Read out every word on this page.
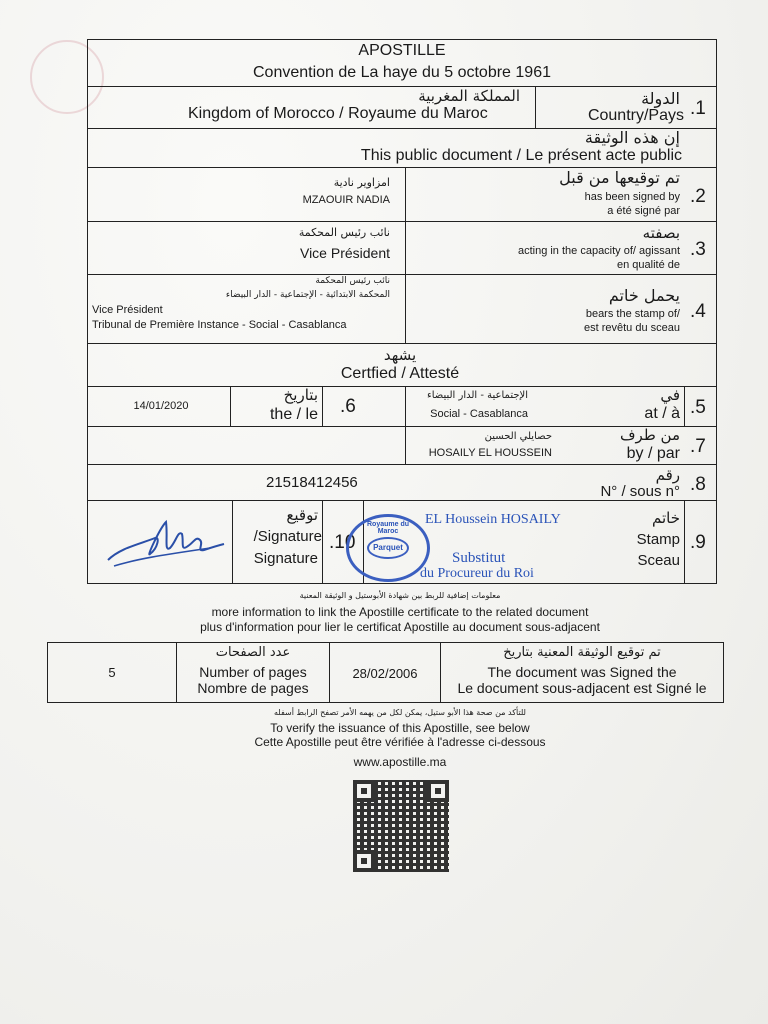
APOSTILLE
Convention de La haye du 5 octobre 1961
المملكة المغربية
Kingdom of Morocco / Royaume du Maroc
الدولة
Country/Pays .1
إن هذه الوثيقة
This public document / Le présent acte public
امزاوير نادية
MZAOUIR NADIA
تم توقيعها من قبل
has been signed by
a été signé par
.2
نائب رئيس المحكمة
Vice Président
بصفته
acting in the capacity of/ agissant
en qualité de
.3
نائب رئيس المحكمة
المحكمة الابتدائية - الإجتماعية - الدار البيضاء
Vice Président
Tribunal de Première Instance - Social - Casablanca
يحمل خاتم
bears the stamp of/
est revêtu du sceau
.4
يشهد
Certfied / Attesté
14/01/2020
بتاريخ
the / le .6
الإجتماعية - الدار البيضاء
Social - Casablanca
في
at / à .5
حصايلي الحسين
HOSAILY EL HOUSSEIN
من طرف
by / par .7
21518412456	رقم
N° / sous n° .8
توقيع
/Signature
Signature
.10
Royaume du Maroc
Parquet
EL Houssein HOSAILY
Substitut
du Procureur du Roi
خاتم
Stamp
Sceau
.9
معلومات إضافية للربط بين شهادة الأبوستيل و الوثيقة المعنية
more information to link the Apostille certificate to the related document
plus d'information pour lier le certificat Apostille au document sous-adjacent
5
عدد الصفحات
Number of pages
Nombre de pages
28/02/2006
تم توقيع الوثيقة المعنية بتاريخ
The document was Signed the
Le document sous-adjacent est Signé le
للتأكد من صحة هذا الأبو ستيل، يمكن لكل من يهمه الأمر تصفح الرابط أسفله
To verify the issuance of this Apostille, see below
Cette Apostille peut être vérifiée à l'adresse ci-dessous
www.apostille.ma
